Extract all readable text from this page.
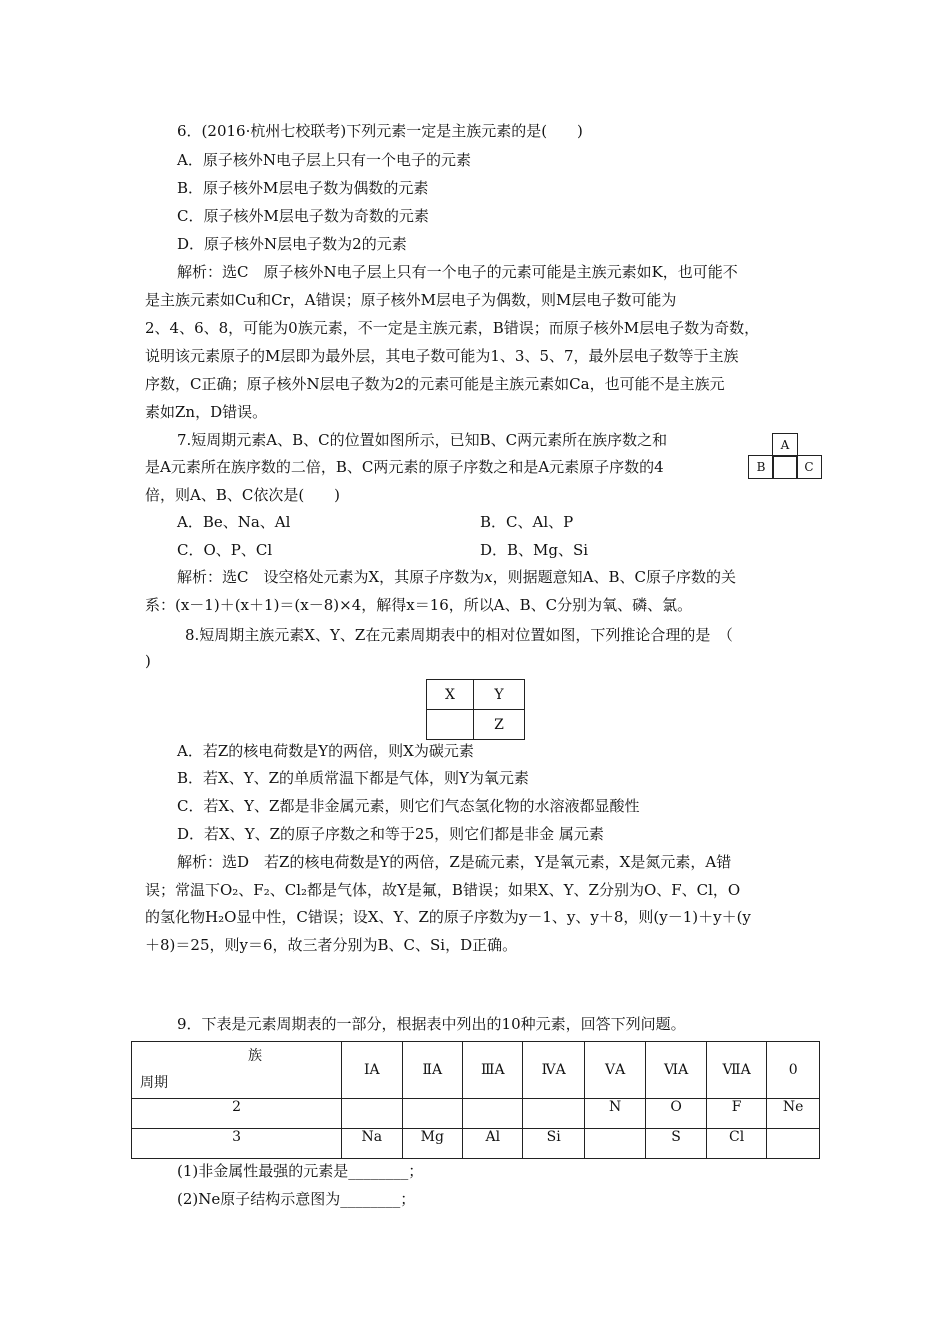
6．(2016·杭州七校联考)下列元素一定是主族元素的是(　　)
A．原子核外N电子层上只有一个电子的元素
B．原子核外M层电子数为偶数的元素
C．原子核外M层电子数为奇数的元素
D．原子核外N层电子数为2的元素
解析：选C　原子核外N电子层上只有一个电子的元素可能是主族元素如K，也可能不
是主族元素如Cu和Cr，A错误；原子核外M层电子为偶数，则M层电子数可能为
2、4、6、8，可能为0族元素，不一定是主族元素，B错误；而原子核外M层电子数为奇数，
说明该元素原子的M层即为最外层，其电子数可能为1、3、5、7，最外层电子数等于主族
序数，C正确；原子核外N层电子数为2的元素可能是主族元素如Ca，也可能不是主族元
素如Zn，D错误。
7.短周期元素A、B、C的位置如图所示，已知B、C两元素所在族序数之和
是A元素所在族序数的二倍，B、C两元素的原子序数之和是A元素原子序数的4
倍，则A、B、C依次是(　　)
A
B	C
A．Be、Na、Al	B．C、Al、P
C．O、P、Cl	D．B、Mg、Si
解析：选C　设空格处元素为X，其原子序数为x，则据题意知A、B、C原子序数的关
系：(x－1)＋(x＋1)＝(x－8)×4，解得x＝16，所以A、B、C分别为氧、磷、氯。
8.短周期主族元素X、Y、Z在元素周期表中的相对位置如图，下列推论合理的是　（
)
X	Y
	Z
A．若Z的核电荷数是Y的两倍，则X为碳元素
B．若X、Y、Z的单质常温下都是气体，则Y为氧元素
C．若X、Y、Z都是非金属元素，则它们气态氢化物的水溶液都显酸性
D．若X、Y、Z的原子序数之和等于25，则它们都是非金 属元素
解析：选D　若Z的核电荷数是Y的两倍，Z是硫元素，Y是氧元素，X是氮元素，A错
误；常温下O₂、F₂、Cl₂都是气体，故Y是氟，B错误；如果X、Y、Z分别为O、F、Cl，O
的氢化物H₂O显中性，C错误；设X、Y、Z的原子序数为y－1、y、y＋8，则(y－1)＋y＋(y
＋8)＝25，则y＝6，故三者分别为B、C、Si，D正确。
9．下表是元素周期表的一部分，根据表中列出的10种元素，回答下列问题。
族
周期	ⅠA	ⅡA	ⅢA	ⅣA	ⅤA	ⅥA	ⅦA	0
2					N	O	F	Ne
3	Na	Mg	Al	Si		S	Cl	
(1)非金属性最强的元素是________；
(2)Ne原子结构示意图为________；
